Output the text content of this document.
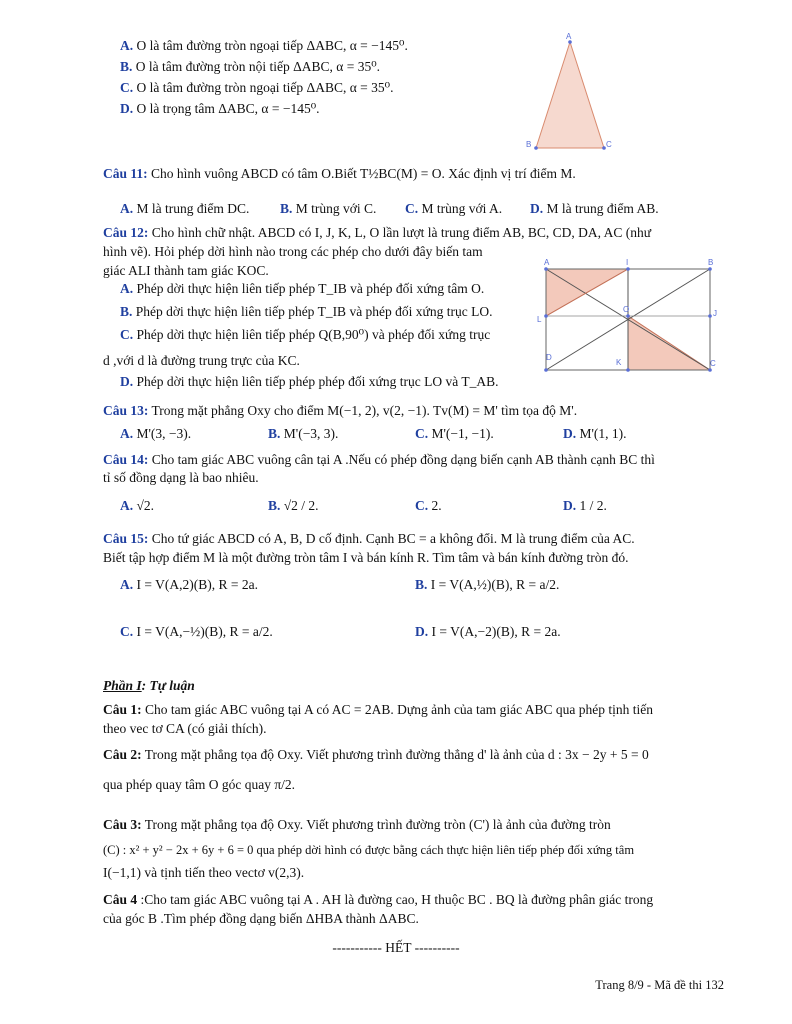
A. O là tâm đường tròn ngoại tiếp ΔABC, α = −145⁰.
B. O là tâm đường tròn nội tiếp ΔABC, α = 35⁰.
C. O là tâm đường tròn ngoại tiếp ΔABC, α = 35⁰.
D. O là trọng tâm ΔABC, α = −145⁰.
A
B	C
Câu 11: Cho hình vuông ABCD có tâm O.Biết T½BC(M) = O. Xác định vị trí điểm M.
A. M là trung điểm DC. B. M trùng với C. C. M trùng với A. D. M là trung điểm AB.
Câu 12: Cho hình chữ nhật. ABCD có I, J, K, L, O lần lượt là trung điểm AB, BC, CD, DA, AC (như
hình vẽ). Hỏi phép dời hình nào trong các phép cho dưới đây biến tam
giác ALI thành tam giác KOC.
A. Phép dời thực hiện liên tiếp phép T_IB và phép đối xứng tâm O.
B. Phép dời thực hiện liên tiếp phép T_IB và phép đối xứng trục LO.
C. Phép dời thực hiện liên tiếp phép Q(B,90⁰) và phép đối xứng trục
d ,với d là đường trung trực của KC.
D. Phép dời thực hiện liên tiếp phép phép đối xứng trục LO và T_AB.
A	I	B
L
O	J
D
K	C
Câu 13: Trong mặt phẳng Oxy cho điểm M(−1, 2), v(2, −1). Tv(M) = M' tìm tọa độ M'.
A. M'(3, −3).	B. M'(−3, 3).	C. M'(−1, −1).	D. M'(1, 1).
Câu 14: Cho tam giác ABC vuông cân tại A .Nếu có phép đồng dạng biến cạnh AB thành cạnh BC thì
tỉ số đồng dạng là bao nhiêu.
A. √2.	B. √2 / 2.	C. 2.	D. 1 / 2.
Câu 15: Cho tứ giác ABCD có A, B, D cố định. Cạnh BC = a không đổi. M là trung điểm của AC.
Biết tập hợp điểm M là một đường tròn tâm I và bán kính R. Tìm tâm và bán kính đường tròn đó.
A. I = V(A,2)(B), R = 2a.	B. I = V(A,½)(B), R = a/2.
C. I = V(A,−½)(B), R = a/2.	D. I = V(A,−2)(B), R = 2a.
Phần I: Tự luận
Câu 1: Cho tam giác ABC vuông tại A có AC = 2AB. Dựng ảnh của tam giác ABC qua phép tịnh tiến
theo vec tơ CA (có giải thích).
Câu 2: Trong mặt phẳng tọa độ Oxy. Viết phương trình đường thẳng d' là ảnh của d : 3x − 2y + 5 = 0
qua phép quay tâm O góc quay π/2.
Câu 3: Trong mặt phẳng tọa độ Oxy. Viết phương trình đường tròn (C') là ảnh của đường tròn
(C) : x² + y² − 2x + 6y + 6 = 0 qua phép dời hình có được bằng cách thực hiện liên tiếp phép đối xứng tâm
I(−1,1) và tịnh tiến theo vectơ v(2,3).
Câu 4 :Cho tam giác ABC vuông tại A . AH là đường cao, H thuộc BC . BQ là đường phân giác trong
của góc B .Tìm phép đồng dạng biến ΔHBA thành ΔABC.
----------- HẾT ----------
Trang 8/9 - Mã đề thi 132
